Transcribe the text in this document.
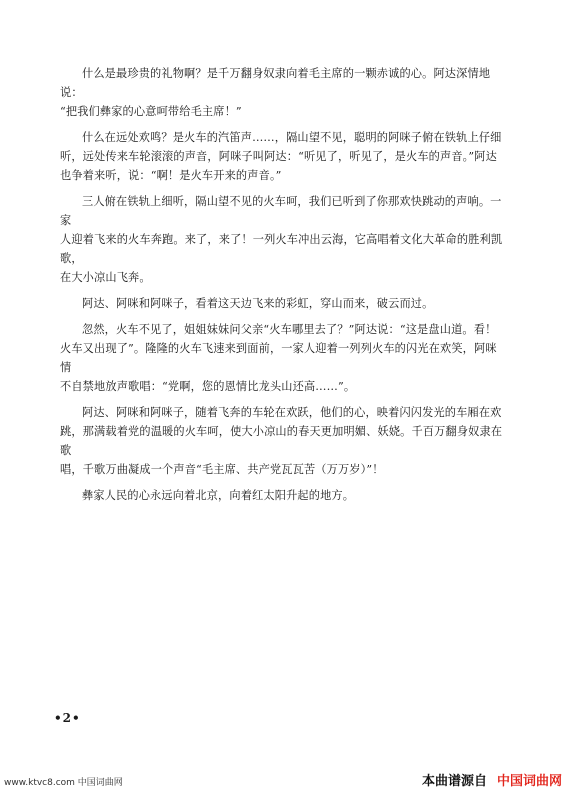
什么是最珍贵的礼物啊？是千万翻身奴隶向着毛主席的一颗赤诚的心。阿达深情地说：
“把我们彝家的心意呵带给毛主席！”

什么在远处欢鸣？是火车的汽笛声……，隔山望不见，聪明的阿咪子俯在铁轨上仔细
听，远处传来车轮滚滚的声音，阿咪子叫阿达：“听见了，听见了，是火车的声音。”阿达
也争着来听，说：“啊！是火车开来的声音。”

三人俯在铁轨上细听，隔山望不见的火车呵，我们已听到了你那欢快跳动的声响。一家
人迎着飞来的火车奔跑。来了，来了！一列火车冲出云海，它高唱着文化大革命的胜利凯歌，
在大小凉山飞奔。

阿达、阿咪和阿咪子，看着这天边飞来的彩虹，穿山而来，破云而过。

忽然，火车不见了，姐姐妹妹问父亲“火车哪里去了？”阿达说：“这是盘山道。看！
火车又出现了”。隆隆的火车飞速来到面前，一家人迎着一列列火车的闪光在欢笑，阿咪情
不自禁地放声歌唱：“党啊，您的恩情比龙头山还高……”。

阿达、阿咪和阿咪子，随着飞奔的车轮在欢跃，他们的心，映着闪闪发光的车厢在欢
跳，那满载着党的温暖的火车呵，使大小凉山的春天更加明媚、妖娆。千百万翻身奴隶在歌
唱，千歌万曲凝成一个声音“毛主席、共产党瓦瓦苦（万万岁）”！

彝家人民的心永远向着北京，向着红太阳升起的地方。

•2•
www.ktvc8.com 中国词曲网	本曲谱源自 中国词曲网
